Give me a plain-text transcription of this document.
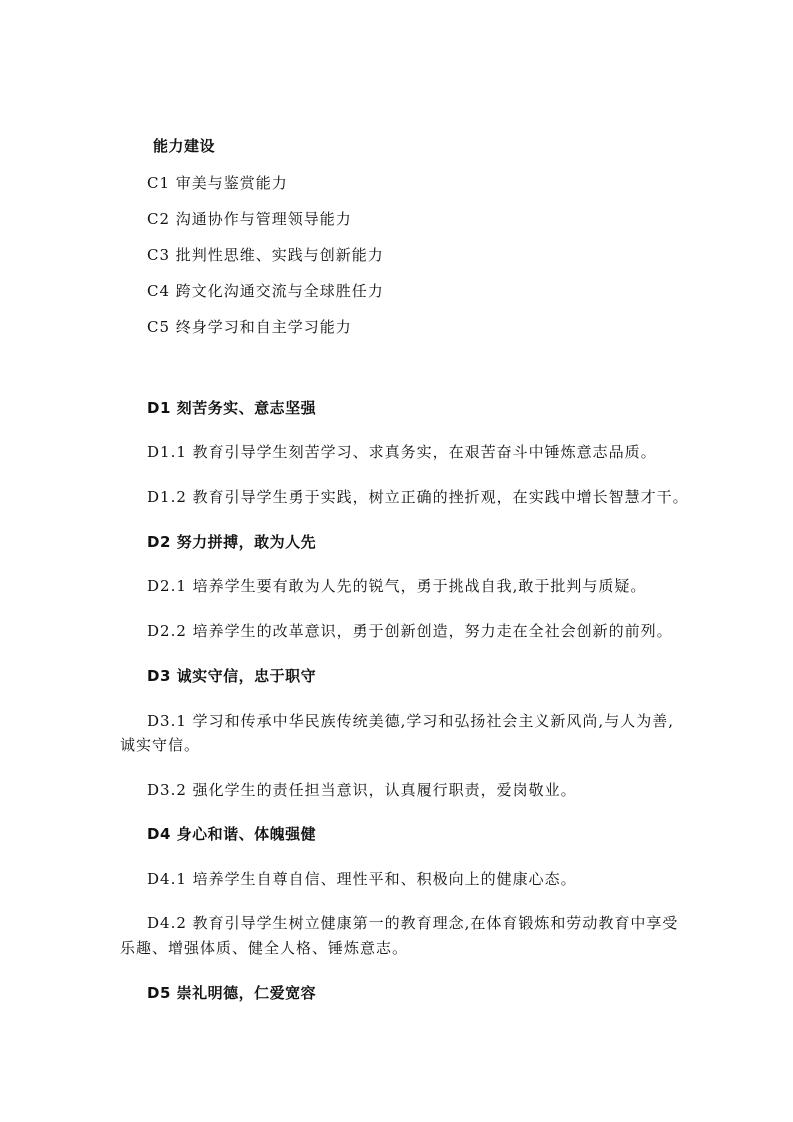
能力建设
C1 审美与鉴赏能力
C2 沟通协作与管理领导能力
C3 批判性思维、实践与创新能力
C4 跨文化沟通交流与全球胜任力
C5 终身学习和自主学习能力
D1 刻苦务实、意志坚强
D1.1 教育引导学生刻苦学习、求真务实，在艰苦奋斗中锤炼意志品质。
D1.2 教育引导学生勇于实践，树立正确的挫折观，在实践中增长智慧才干。
D2 努力拼搏，敢为人先
D2.1 培养学生要有敢为人先的锐气，勇于挑战自我,敢于批判与质疑。
D2.2 培养学生的改革意识，勇于创新创造，努力走在全社会创新的前列。
D3 诚实守信，忠于职守
D3.1 学习和传承中华民族传统美德,学习和弘扬社会主义新风尚,与人为善,
诚实守信。
D3.2 强化学生的责任担当意识，认真履行职责，爱岗敬业。
D4 身心和谐、体魄强健
D4.1 培养学生自尊自信、理性平和、积极向上的健康心态。
D4.2 教育引导学生树立健康第一的教育理念,在体育锻炼和劳动教育中享受
乐趣、增强体质、健全人格、锤炼意志。
D5 崇礼明德，仁爱宽容
